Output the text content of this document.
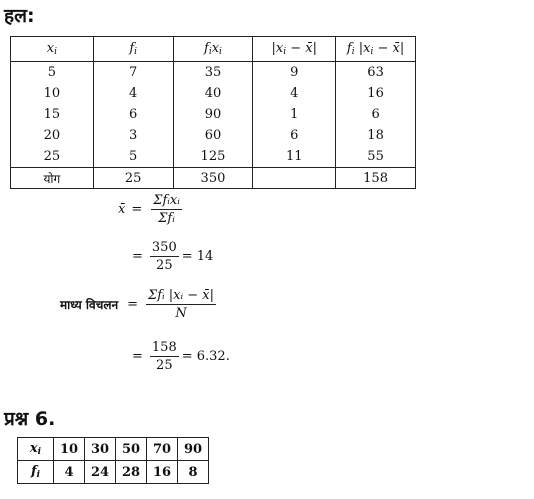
हल:
$x_i$	$f_i$	$f_ix_i$	$|x_i$ − x̄|	$f_i$ $|x_i$ − x̄|
5	7	35	9	63
10	4	40	4	16
15	6	90	1	6
20	3	60	6	18
25	5	125	11	55
योग	25	350		158
x̄ = $\frac{\text{Σfᵢxᵢ}}{\text{Σfᵢ}}$
= $\frac{350}{25} = 14$
माध्य विचलन = $\frac{\text{Σfᵢ |xᵢ − x̄|}}{N}$
= $\frac{158}{25} = 6.32$.
प्रश्न 6.
$x_i$	10	30	50	70	90
$f_i$	4	24	28	16	8
